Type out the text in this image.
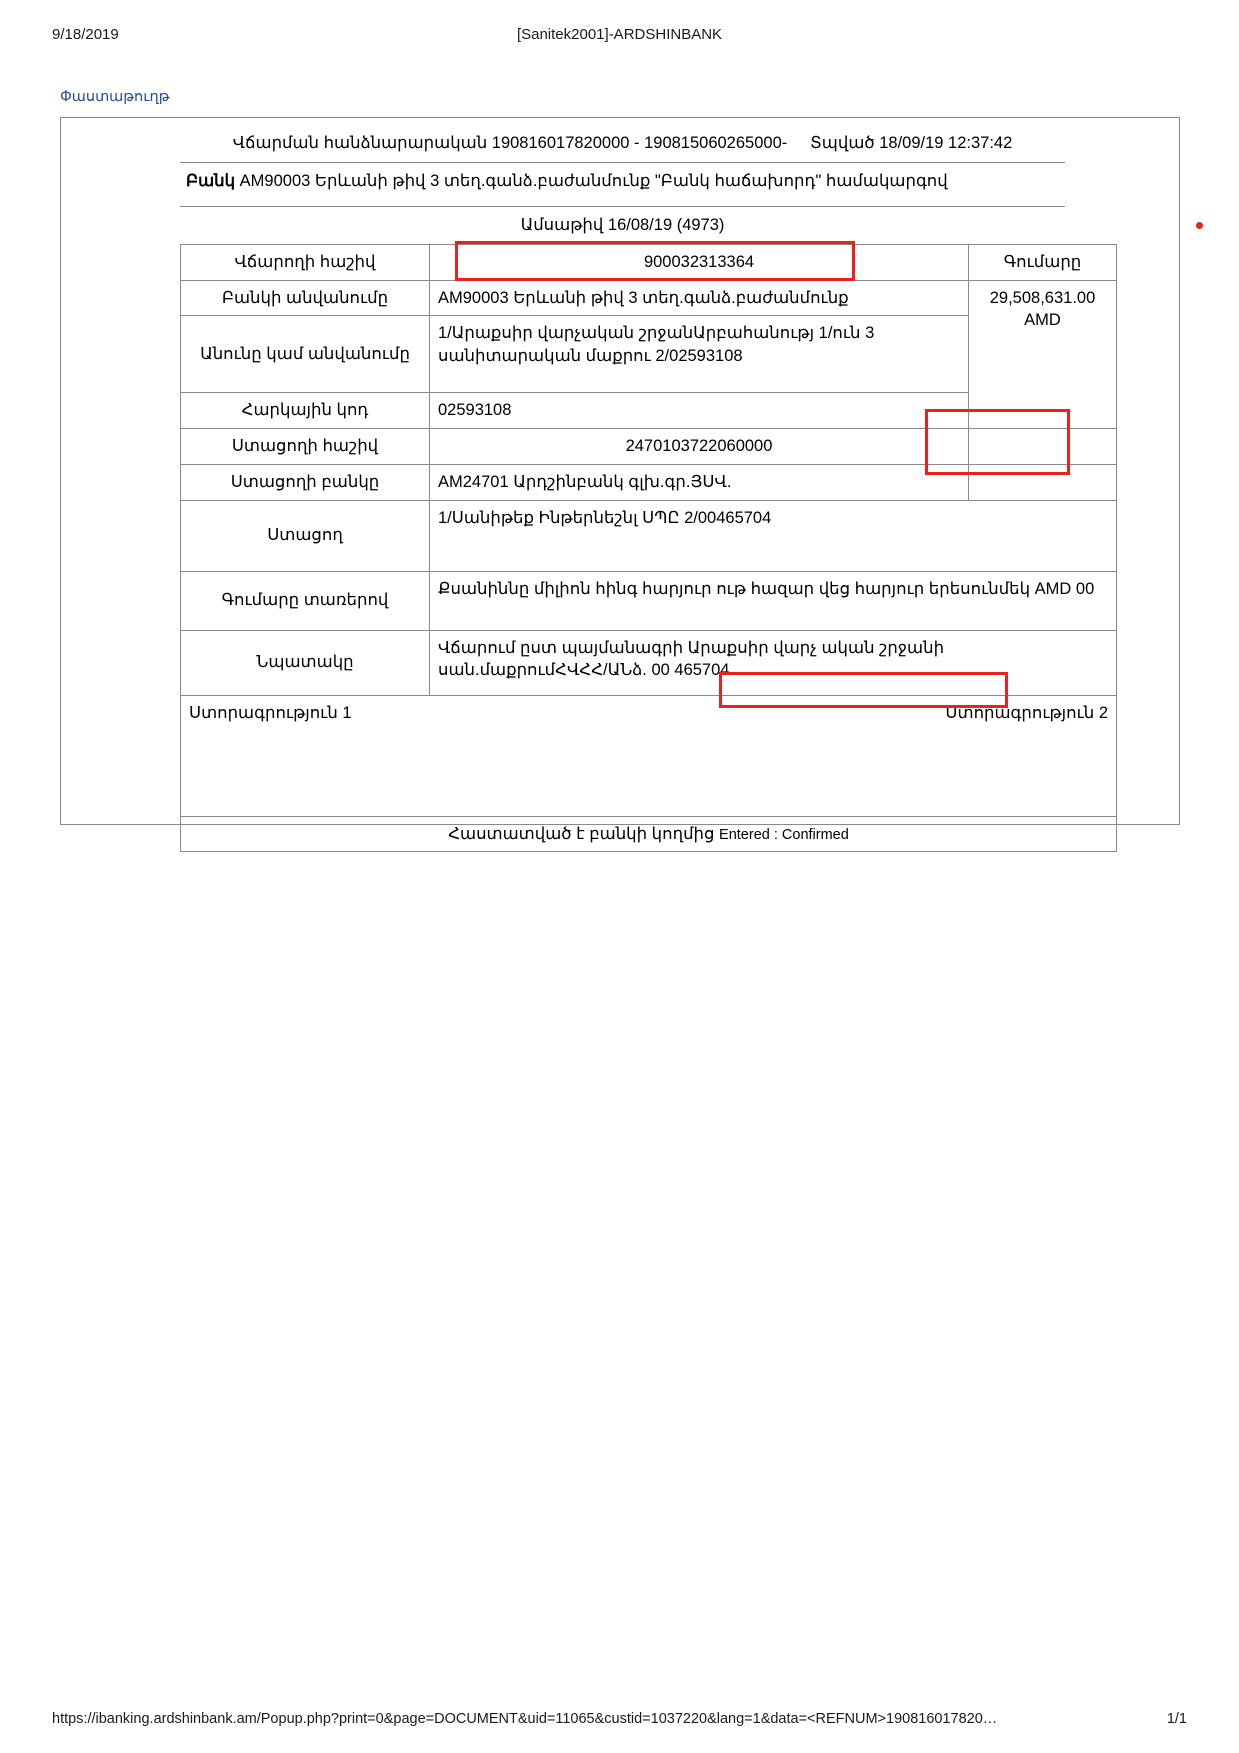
9/18/2019	[Sanitek2001]-ARDSHINBANK
Փաստաթուղթ
Վճարման հանձնարարական 190816017820000 - 190815060265000- Տպված 18/09/19 12:37:42
Բանկ AM90003 Երևանի թիվ 3 տեղ.գանձ.բաժանմունք "Բանկ հաճախորդ" համակարգով
Ամսաթիվ 16/08/19 (4973)
Վճարողի հաշիվ	900032313364	Գումարը
Բանկի անվանումը	AM90003 Երևանի թիվ 3 տեղ.գանձ.բաժանմունք	29,508,631.00 AMD
Անունը կամ անվանումը	1/Արաքսիր վարչական շրջանԱրբահանությ 1/ուն 3 սանիտարական մաքրու 2/02593108	
Հարկային կոդ	02593108	
Ստացողի հաշիվ	2470103722060000	
Ստացողի բանկը	AM24701 Արդշինբանկ գլխ.գր.ՅՍՎ.	
Ստացող	1/Սանիթեք Ինթերնեշնլ ՍՊԸ 2/00465704	
Գումարը տառերով	Քսանիննը միլիոն հինգ հարյուր ութ հազար վեց հարյուր երեսունմեկ AMD 00	
Նպատակը	Վճարում ըստ պայմանագրի Արաքսիր վարչ ական շրջանի սան.մաքրումՀՎՀՀ/ԱՆձ. 00 465704	

Ստորագրություն 1 Ստորագրություն 2		

Հաստատված է բանկի կողմից Entered : Confirmed		
https://ibanking.ardshinbank.am/Popup.php?print=0&page=DOCUMENT&uid=11065&custid=1037220&lang=1&data=<REFNUM>190816017820…	1/1
